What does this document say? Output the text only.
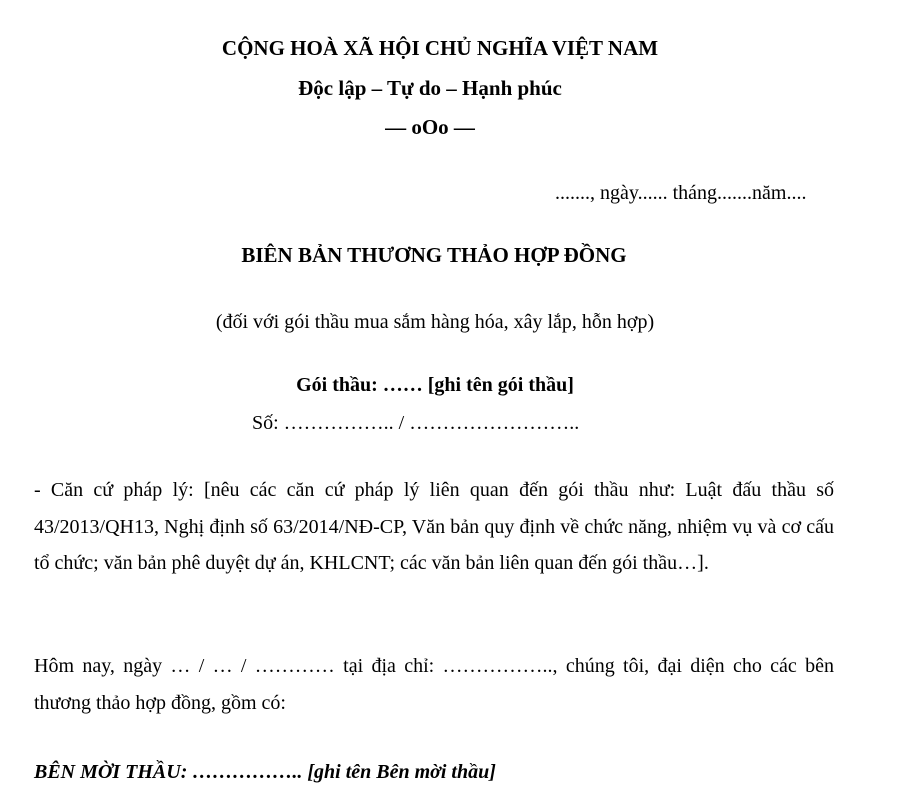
CỘNG HOÀ XÃ HỘI CHỦ NGHĨA VIỆT NAM
Độc lập – Tự do – Hạnh phúc
— oOo —
......., ngày...... tháng.......năm....
BIÊN BẢN THƯƠNG THẢO HỢP ĐỒNG
(đối với gói thầu mua sắm hàng hóa, xây lắp, hỗn hợp)
Gói thầu: …… [ghi tên gói thầu]
Số: …………….. / ……………………..
- Căn cứ pháp lý: [nêu các căn cứ pháp lý liên quan đến gói thầu như: Luật đấu thầu số 43/2013/QH13, Nghị định số 63/2014/NĐ-CP, Văn bản quy định về chức năng, nhiệm vụ và cơ cấu tổ chức; văn bản phê duyệt dự án, KHLCNT; các văn bản liên quan đến gói thầu…].
Hôm nay, ngày … / … / ………… tại địa chỉ: …………….., chúng tôi, đại diện cho các bên thương thảo hợp đồng, gồm có:
BÊN MỜI THẦU: …………….. [ghi tên Bên mời thầu]
